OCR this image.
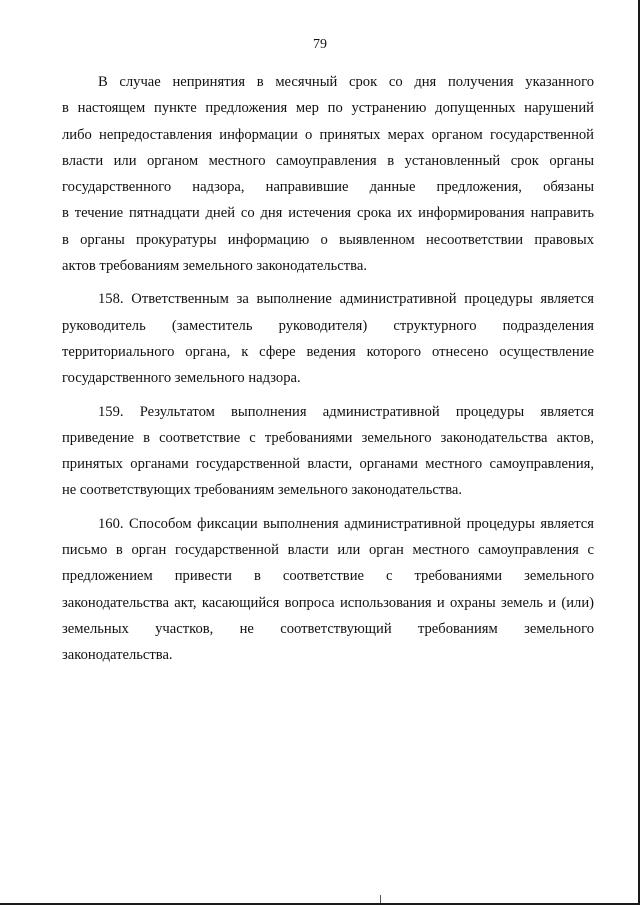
79
В случае непринятия в месячный срок со дня получения указанного
в настоящем пункте предложения мер по устранению допущенных нарушений
либо непредоставления информации о принятых мерах органом государственной
власти или органом местного самоуправления в установленный срок органы
государственного надзора, направившие данные предложения, обязаны
в течение пятнадцати дней со дня истечения срока их информирования направить
в органы прокуратуры информацию о выявленном несоответствии правовых
актов требованиям земельного законодательства.
158. Ответственным за выполнение административной процедуры является
руководитель (заместитель руководителя) структурного подразделения
территориального органа, к сфере ведения которого отнесено осуществление
государственного земельного надзора.
159. Результатом выполнения административной процедуры является
приведение в соответствие с требованиями земельного законодательства актов,
принятых органами государственной власти, органами местного самоуправления,
не соответствующих требованиям земельного законодательства.
160. Способом фиксации выполнения административной процедуры является
письмо в орган государственной власти или орган местного самоуправления с
предложением привести в соответствие с требованиями земельного
законодательства акт, касающийся вопроса использования и охраны земель и (или)
земельных участков, не соответствующий требованиям земельного
законодательства.
